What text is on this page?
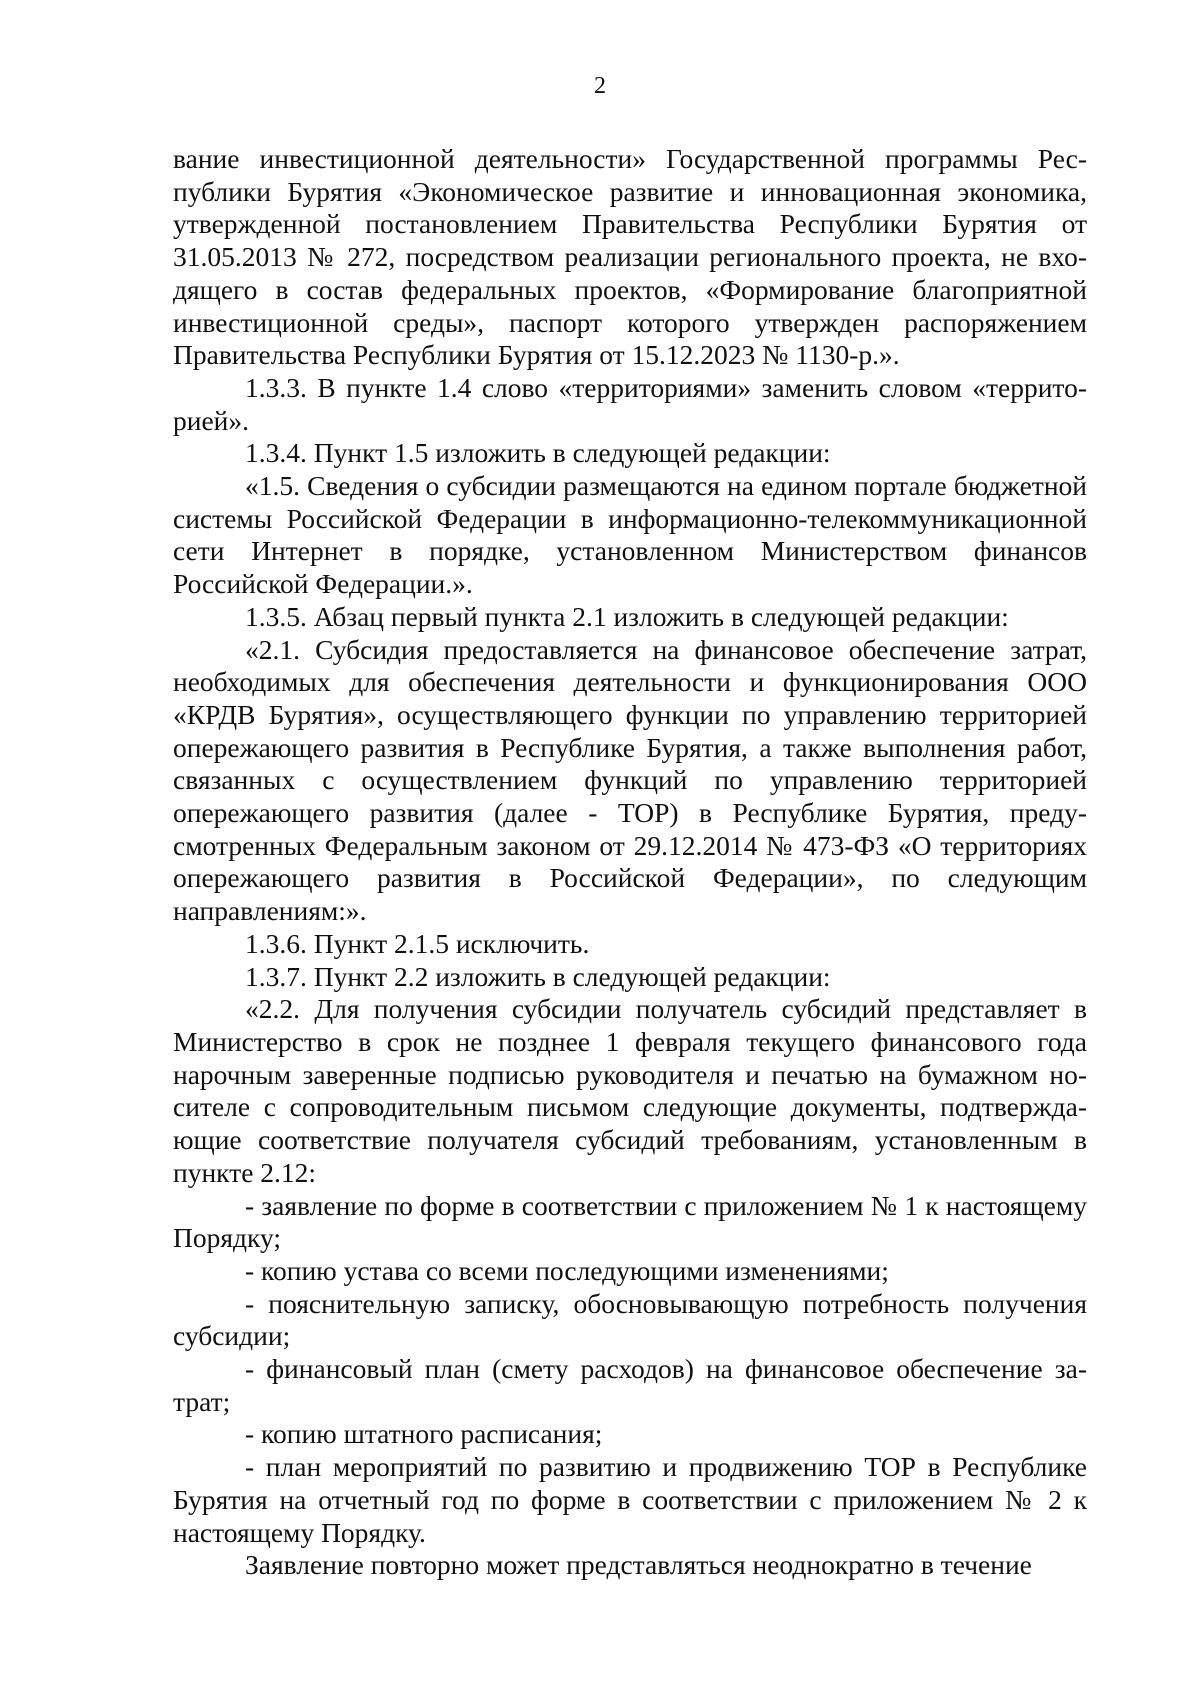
2

вание инвестиционной деятельности» Государственной программы Республики Бурятия «Экономическое развитие и инновационная экономика, утвержденной постановлением Правительства Республики Бурятия от 31.05.2013 № 272, посредством реализации регионального проекта, не входящего в состав федеральных проектов, «Формирование благоприятной инвестиционной среды», паспорт которого утвержден распоряжением Правительства Республики Бурятия от 15.12.2023 № 1130-р.».

1.3.3. В пункте 1.4 слово «территориями» заменить словом «территорией».

1.3.4. Пункт 1.5 изложить в следующей редакции:

«1.5. Сведения о субсидии размещаются на едином портале бюджетной системы Российской Федерации в информационно-телекоммуникационной сети Интернет в порядке, установленном Министерством финансов Российской Федерации.».

1.3.5. Абзац первый пункта 2.1 изложить в следующей редакции:

«2.1. Субсидия предоставляется на финансовое обеспечение затрат, необходимых для обеспечения деятельности и функционирования ООО «КРДВ Бурятия», осуществляющего функции по управлению территорией опережающего развития в Республике Бурятия, а также выполнения работ, связанных с осуществлением функций по управлению территорией опережающего развития (далее - ТОР) в Республике Бурятия, предусмотренных Федеральным законом от 29.12.2014 № 473-ФЗ «О территориях опережающего развития в Российской Федерации», по следующим направлениям:».

1.3.6. Пункт 2.1.5 исключить.

1.3.7. Пункт 2.2 изложить в следующей редакции:

«2.2. Для получения субсидии получатель субсидий представляет в Министерство в срок не позднее 1 февраля текущего финансового года нарочным заверенные подписью руководителя и печатью на бумажном носителе с сопроводительным письмом следующие документы, подтверждающие соответствие получателя субсидий требованиям, установленным в пункте 2.12:

- заявление по форме в соответствии с приложением № 1 к настоящему Порядку;

- копию устава со всеми последующими изменениями;

- пояснительную записку, обосновывающую потребность получения субсидии;

- финансовый план (смету расходов) на финансовое обеспечение затрат;

- копию штатного расписания;

- план мероприятий по развитию и продвижению ТОР в Республике Бурятия на отчетный год по форме в соответствии с приложением № 2 к настоящему Порядку.

Заявление повторно может представляться неоднократно в течение
